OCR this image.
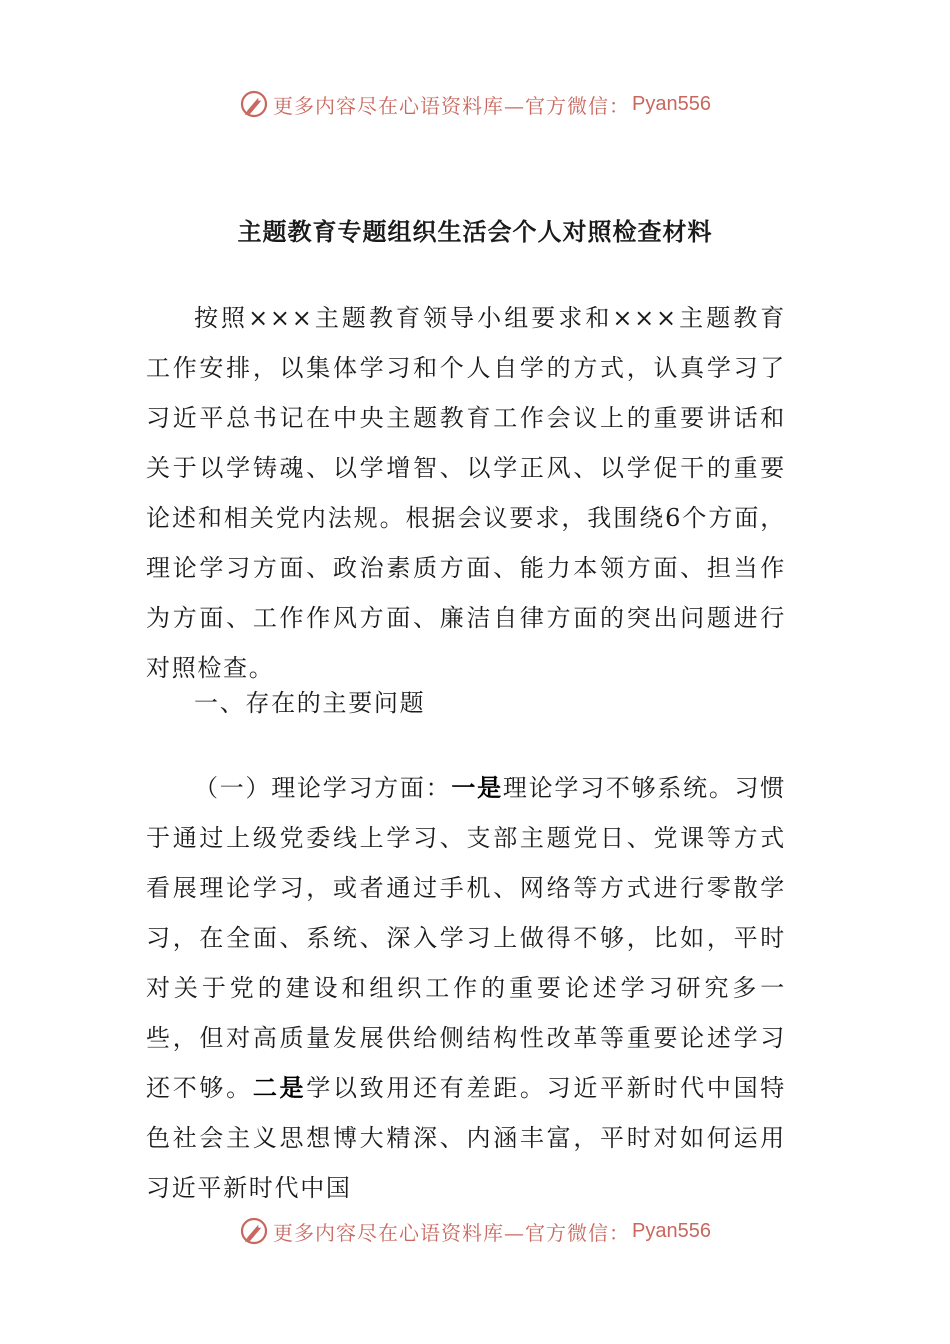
更多内容尽在心语资料库—官方微信： Pyan556
主题教育专题组织生活会个人对照检查材料

按照×××主题教育领导小组要求和×××主题教育工作安排，以集体学习和个人自学的方式，认真学习了习近平总书记在中央主题教育工作会议上的重要讲话和关于以学铸魂、以学增智、以学正风、以学促干的重要论述和相关党内法规。根据会议要求，我围绕6个方面，理论学习方面、政治素质方面、能力本领方面、担当作为方面、工作作风方面、廉洁自律方面的突出问题进行对照检查。

一、存在的主要问题

（一）理论学习方面：一是理论学习不够系统。习惯于通过上级党委线上学习、支部主题党日、党课等方式看展理论学习，或者通过手机、网络等方式进行零散学习，在全面、系统、深入学习上做得不够，比如，平时对关于党的建设和组织工作的重要论述学习研究多一些，但对高质量发展供给侧结构性改革等重要论述学习还不够。二是学以致用还有差距。习近平新时代中国特色社会主义思想博大精深、内涵丰富，平时对如何运用习近平新时代中国

更多内容尽在心语资料库—官方微信： Pyan556
